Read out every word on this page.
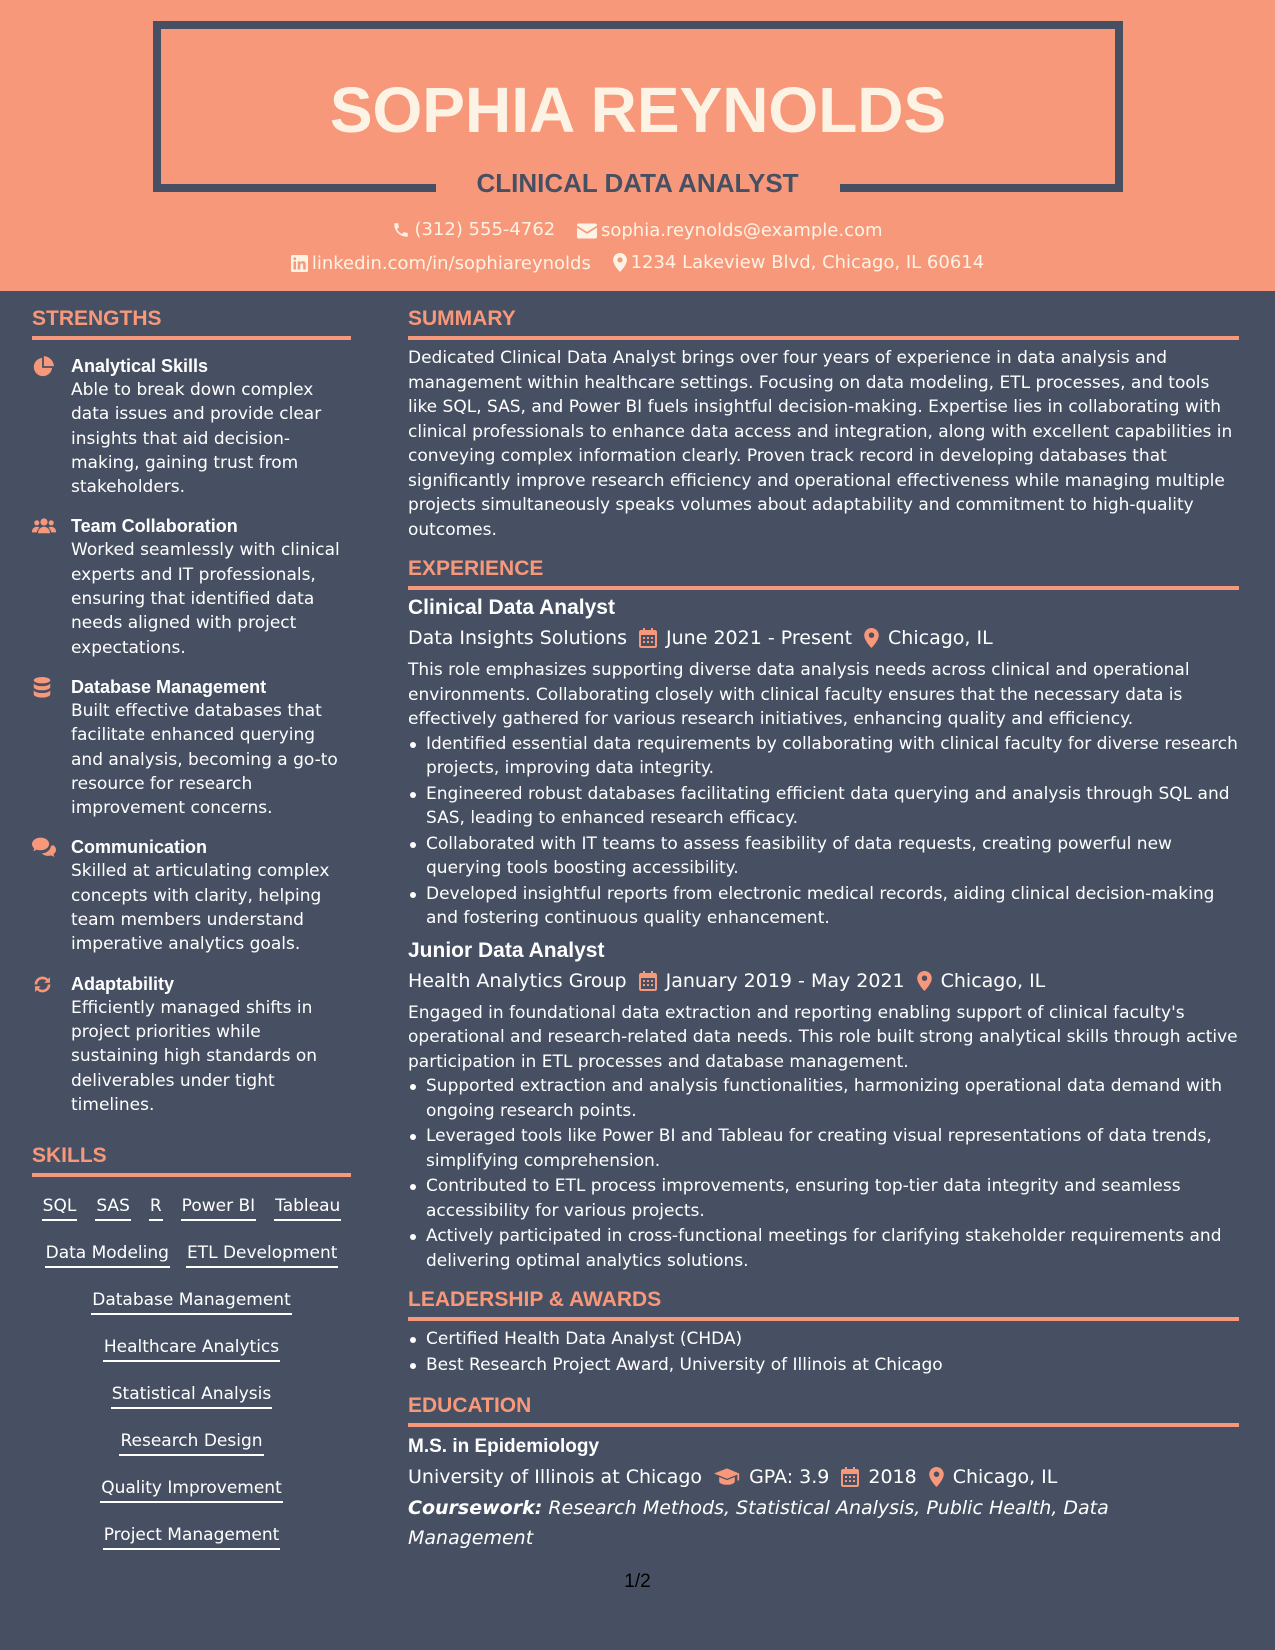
SOPHIA REYNOLDS
CLINICAL DATA ANALYST
(312) 555-4762
	sophia.reynolds@example.com
linkedin.com/in/sophiareynolds
1234 Lakeview Blvd, Chicago, IL 60614
STRENGTHS
Analytical Skills
Able to break down complex data issues and provide clear insights that aid decision-making, gaining trust from stakeholders.
Team Collaboration
Worked seamlessly with clinical experts and IT professionals, ensuring that identified data needs aligned with project expectations.
Database Management
Built effective databases that facilitate enhanced querying and analysis, becoming a go-to resource for research improvement concerns.
Communication
Skilled at articulating complex concepts with clarity, helping team members understand imperative analytics goals.
Adaptability
Efficiently managed shifts in project priorities while sustaining high standards on deliverables under tight timelines.
SKILLS
SQL SAS R Power BI Tableau
Data Modeling ETL Development
Database Management
Healthcare Analytics
Statistical Analysis
Research Design
Quality Improvement
Project Management
SUMMARY
Dedicated Clinical Data Analyst brings over four years of experience in data analysis and management within healthcare settings. Focusing on data modeling, ETL processes, and tools like SQL, SAS, and Power BI fuels insightful decision-making. Expertise lies in collaborating with clinical professionals to enhance data access and integration, along with excellent capabilities in conveying complex information clearly. Proven track record in developing databases that significantly improve research efficiency and operational effectiveness while managing multiple projects simultaneously speaks volumes about adaptability and commitment to high-quality outcomes.
EXPERIENCE
Clinical Data Analyst
Data Insights Solutions June 2021 - Present Chicago, IL
This role emphasizes supporting diverse data analysis needs across clinical and operational environments. Collaborating closely with clinical faculty ensures that the necessary data is effectively gathered for various research initiatives, enhancing quality and efficiency.
Identified essential data requirements by collaborating with clinical faculty for diverse research projects, improving data integrity.
Engineered robust databases facilitating efficient data querying and analysis through SQL and SAS, leading to enhanced research efficacy.
Collaborated with IT teams to assess feasibility of data requests, creating powerful new querying tools boosting accessibility.
Developed insightful reports from electronic medical records, aiding clinical decision-making and fostering continuous quality enhancement.
Junior Data Analyst
Health Analytics Group January 2019 - May 2021 Chicago, IL
Engaged in foundational data extraction and reporting enabling support of clinical faculty's operational and research-related data needs. This role built strong analytical skills through active participation in ETL processes and database management.
Supported extraction and analysis functionalities, harmonizing operational data demand with ongoing research points.
Leveraged tools like Power BI and Tableau for creating visual representations of data trends, simplifying comprehension.
Contributed to ETL process improvements, ensuring top-tier data integrity and seamless accessibility for various projects.
Actively participated in cross-functional meetings for clarifying stakeholder requirements and delivering optimal analytics solutions.
LEADERSHIP & AWARDS
Certified Health Data Analyst (CHDA)
Best Research Project Award, University of Illinois at Chicago
EDUCATION
M.S. in Epidemiology
University of Illinois at Chicago GPA: 3.9 2018 Chicago, IL
Coursework: Research Methods, Statistical Analysis, Public Health, Data Management
1/2
